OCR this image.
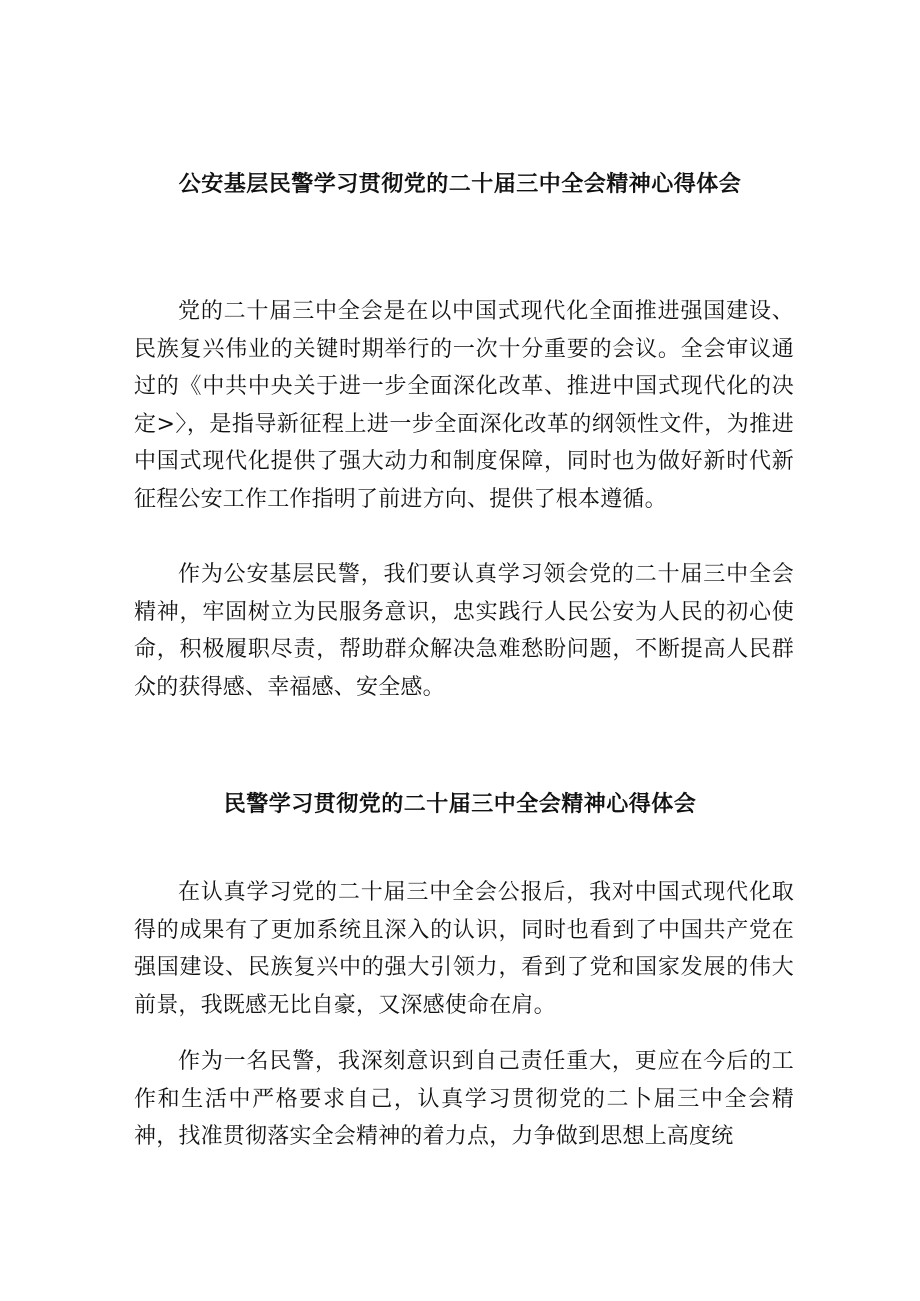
公安基层民警学习贯彻党的二十届三中全会精神心得体会

党的二十届三中全会是在以中国式现代化全面推进强国建设、民族复兴伟业的关键时期举行的一次十分重要的会议。全会审议通过的《中共中央关于进一步全面深化改革、推进中国式现代化的决定>〉，是指导新征程上进一步全面深化改革的纲领性文件，为推进中国式现代化提供了强大动力和制度保障，同时也为做好新时代新征程公安工作工作指明了前进方向、提供了根本遵循。

作为公安基层民警，我们要认真学习领会党的二十届三中全会精神，牢固树立为民服务意识，忠实践行人民公安为人民的初心使命，积极履职尽责，帮助群众解决急难愁盼问题，不断提高人民群众的获得感、幸福感、安全感。

民警学习贯彻党的二十届三中全会精神心得体会

在认真学习党的二十届三中全会公报后，我对中国式现代化取得的成果有了更加系统且深入的认识，同时也看到了中国共产党在强国建设、民族复兴中的强大引领力，看到了党和国家发展的伟大前景，我既感无比自豪，又深感使命在肩。

作为一名民警，我深刻意识到自己责任重大，更应在今后的工作和生活中严格要求自己，认真学习贯彻党的二卜届三中全会精神，找准贯彻落实全会精神的着力点，力争做到思想上高度统
